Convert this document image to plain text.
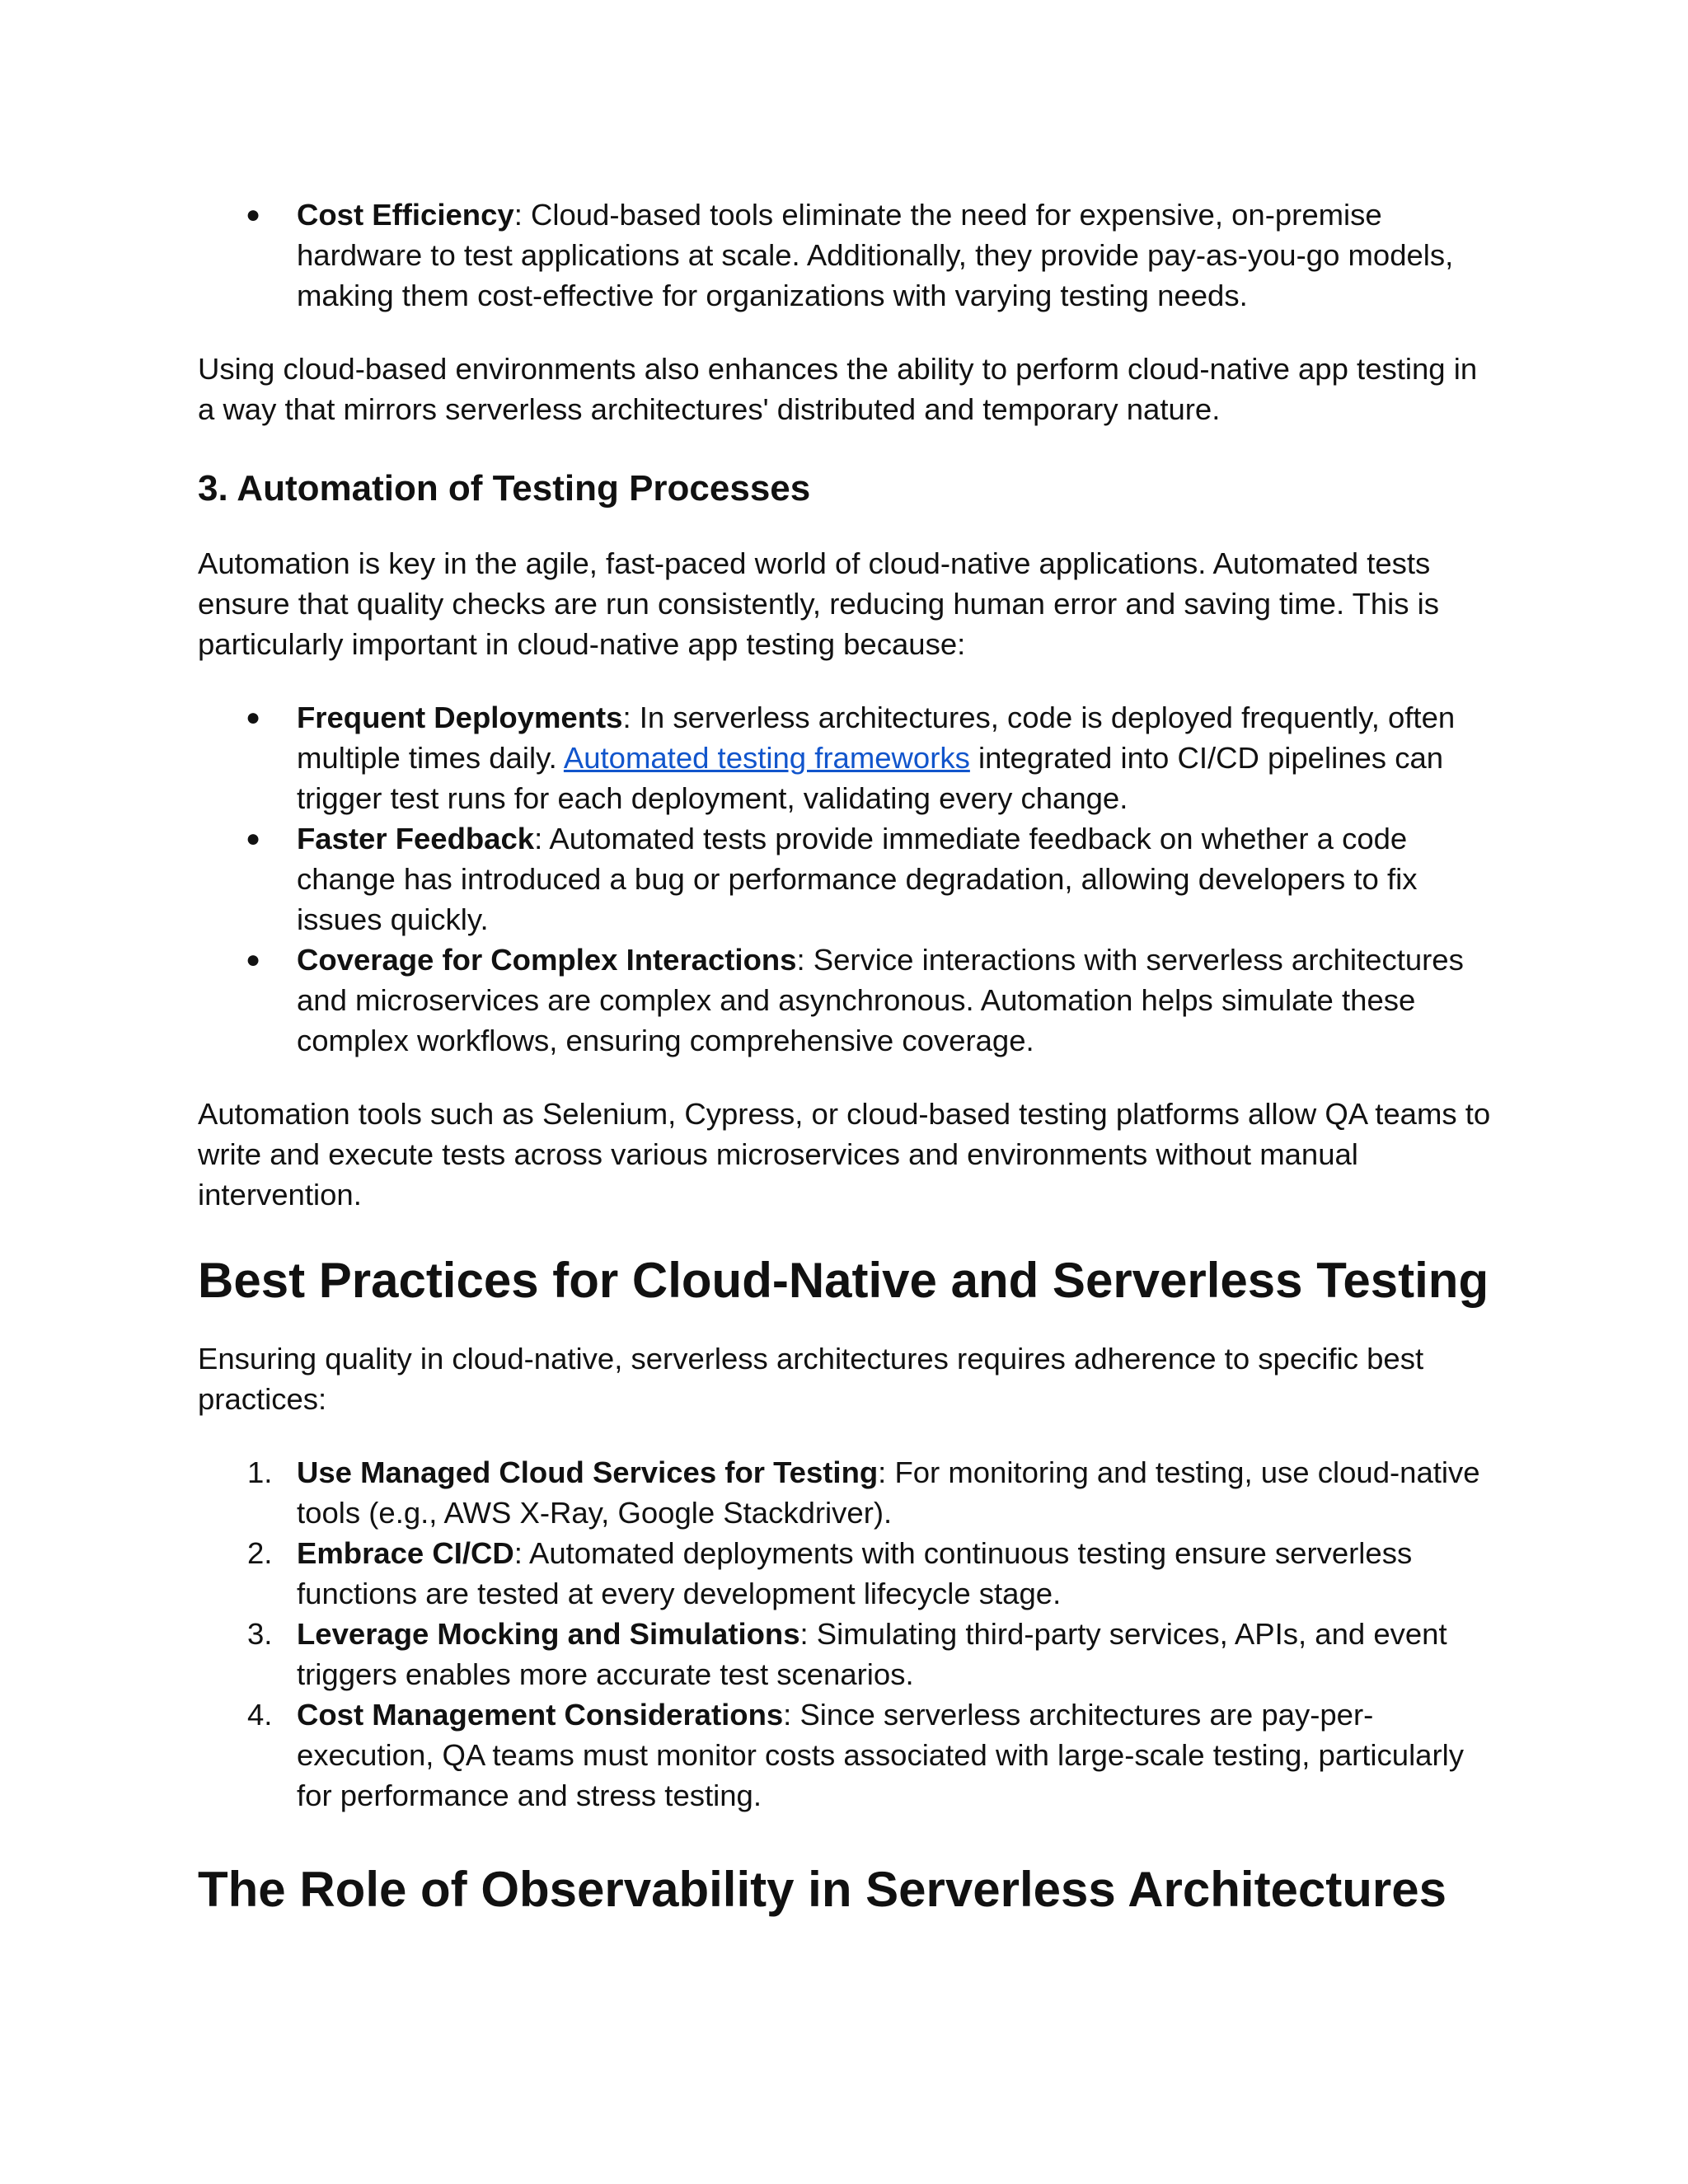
● Cost Efficiency: Cloud-based tools eliminate the need for expensive, on-premise hardware to test applications at scale. Additionally, they provide pay-as-you-go models, making them cost-effective for organizations with varying testing needs.

Using cloud-based environments also enhances the ability to perform cloud-native app testing in a way that mirrors serverless architectures' distributed and temporary nature.

3. Automation of Testing Processes

Automation is key in the agile, fast-paced world of cloud-native applications. Automated tests ensure that quality checks are run consistently, reducing human error and saving time. This is particularly important in cloud-native app testing because:

● Frequent Deployments: In serverless architectures, code is deployed frequently, often multiple times daily. Automated testing frameworks integrated into CI/CD pipelines can trigger test runs for each deployment, validating every change.
● Faster Feedback: Automated tests provide immediate feedback on whether a code change has introduced a bug or performance degradation, allowing developers to fix issues quickly.
● Coverage for Complex Interactions: Service interactions with serverless architectures and microservices are complex and asynchronous. Automation helps simulate these complex workflows, ensuring comprehensive coverage.

Automation tools such as Selenium, Cypress, or cloud-based testing platforms allow QA teams to write and execute tests across various microservices and environments without manual intervention.

Best Practices for Cloud-Native and Serverless Testing

Ensuring quality in cloud-native, serverless architectures requires adherence to specific best practices:

1. Use Managed Cloud Services for Testing: For monitoring and testing, use cloud-native tools (e.g., AWS X-Ray, Google Stackdriver).
2. Embrace CI/CD: Automated deployments with continuous testing ensure serverless functions are tested at every development lifecycle stage.
3. Leverage Mocking and Simulations: Simulating third-party services, APIs, and event triggers enables more accurate test scenarios.
4. Cost Management Considerations: Since serverless architectures are pay-per-execution, QA teams must monitor costs associated with large-scale testing, particularly for performance and stress testing.
The Role of Observability in Serverless Architectures
